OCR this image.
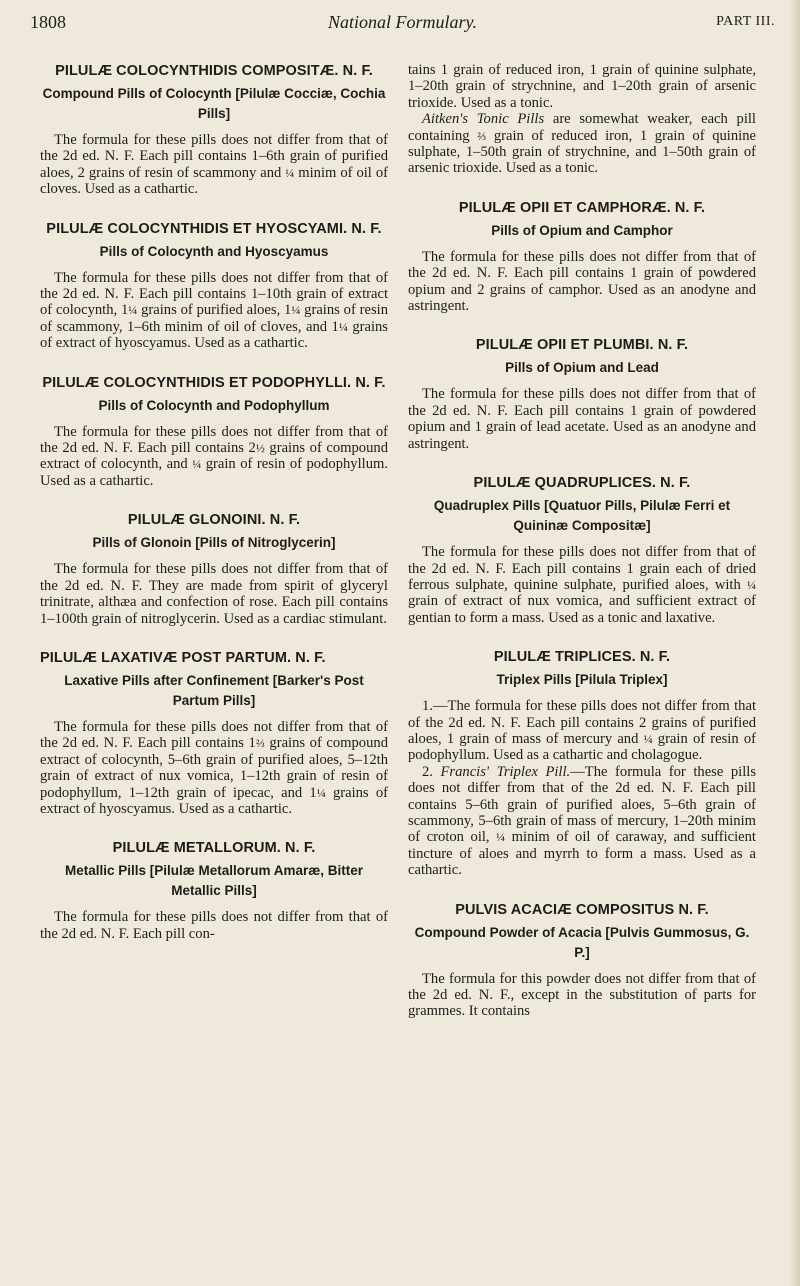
1808	National Formulary.	PART III.

PILULÆ COLOCYNTHIDIS COMPOSITÆ. N. F.

Compound Pills of Colocynth [Pilulæ Cocciæ, Cochia Pills]

The formula for these pills does not differ from that of the 2d ed. N. F. Each pill contains 1–6th grain of purified aloes, 2 grains of resin of scammony and ¼ minim of oil of cloves. Used as a cathartic.

PILULÆ COLOCYNTHIDIS ET HYOSCYAMI. N. F.

Pills of Colocynth and Hyoscyamus

The formula for these pills does not differ from that of the 2d ed. N. F. Each pill contains 1–10th grain of extract of colocynth, 1¼ grains of purified aloes, 1¼ grains of resin of scammony, 1–6th minim of oil of cloves, and 1¼ grains of extract of hyoscyamus. Used as a cathartic.

PILULÆ COLOCYNTHIDIS ET PODOPHYLLI. N. F.

Pills of Colocynth and Podophyllum

The formula for these pills does not differ from that of the 2d ed. N. F. Each pill contains 2½ grains of compound extract of colocynth, and ¼ grain of resin of podophyllum. Used as a cathartic.

PILULÆ GLONOINI. N. F.

Pills of Glonoin [Pills of Nitroglycerin]

The formula for these pills does not differ from that of the 2d ed. N. F. They are made from spirit of glyceryl trinitrate, althæa and confection of rose. Each pill contains 1–100th grain of nitroglycerin. Used as a cardiac stimulant.

PILULÆ LAXATIVÆ POST PARTUM. N. F.

Laxative Pills after Confinement [Barker's Post Partum Pills]

The formula for these pills does not differ from that of the 2d ed. N. F. Each pill contains 1⅔ grains of compound extract of colocynth, 5–6th grain of purified aloes, 5–12th grain of extract of nux vomica, 1–12th grain of resin of podophyllum, 1–12th grain of ipecac, and 1¼ grains of extract of hyoscyamus. Used as a cathartic.

PILULÆ METALLORUM. N. F.

Metallic Pills [Pilulæ Metallorum Amaræ, Bitter Metallic Pills]

The formula for these pills does not differ from that of the 2d ed. N. F. Each pill con-

tains 1 grain of reduced iron, 1 grain of quinine sulphate, 1–20th grain of strychnine, and 1–20th grain of arsenic trioxide. Used as a tonic.

Aitken's Tonic Pills are somewhat weaker, each pill containing ⅔ grain of reduced iron, 1 grain of quinine sulphate, 1–50th grain of strychnine, and 1–50th grain of arsenic trioxide. Used as a tonic.

PILULÆ OPII ET CAMPHORÆ. N. F.

Pills of Opium and Camphor

The formula for these pills does not differ from that of the 2d ed. N. F. Each pill contains 1 grain of powdered opium and 2 grains of camphor. Used as an anodyne and astringent.

PILULÆ OPII ET PLUMBI. N. F.

Pills of Opium and Lead

The formula for these pills does not differ from that of the 2d ed. N. F. Each pill contains 1 grain of powdered opium and 1 grain of lead acetate. Used as an anodyne and astringent.

PILULÆ QUADRUPLICES. N. F.

Quadruplex Pills [Quatuor Pills, Pilulæ Ferri et Quininæ Compositæ]

The formula for these pills does not differ from that of the 2d ed. N. F. Each pill contains 1 grain each of dried ferrous sulphate, quinine sulphate, purified aloes, with ¼ grain of extract of nux vomica, and sufficient extract of gentian to form a mass. Used as a tonic and laxative.

PILULÆ TRIPLICES. N. F.

Triplex Pills [Pilula Triplex]

1.—The formula for these pills does not differ from that of the 2d ed. N. F. Each pill contains 2 grains of purified aloes, 1 grain of mass of mercury and ¼ grain of resin of podophyllum. Used as a cathartic and cholagogue.

2. Francis' Triplex Pill.—The formula for these pills does not differ from that of the 2d ed. N. F. Each pill contains 5–6th grain of purified aloes, 5–6th grain of scammony, 5–6th grain of mass of mercury, 1–20th minim of croton oil, ¼ minim of oil of caraway, and sufficient tincture of aloes and myrrh to form a mass. Used as a cathartic.

PULVIS ACACIÆ COMPOSITUS N. F.

Compound Powder of Acacia [Pulvis Gummosus, G. P.]

The formula for this powder does not differ from that of the 2d ed. N. F., except in the substitution of parts for grammes. It contains
